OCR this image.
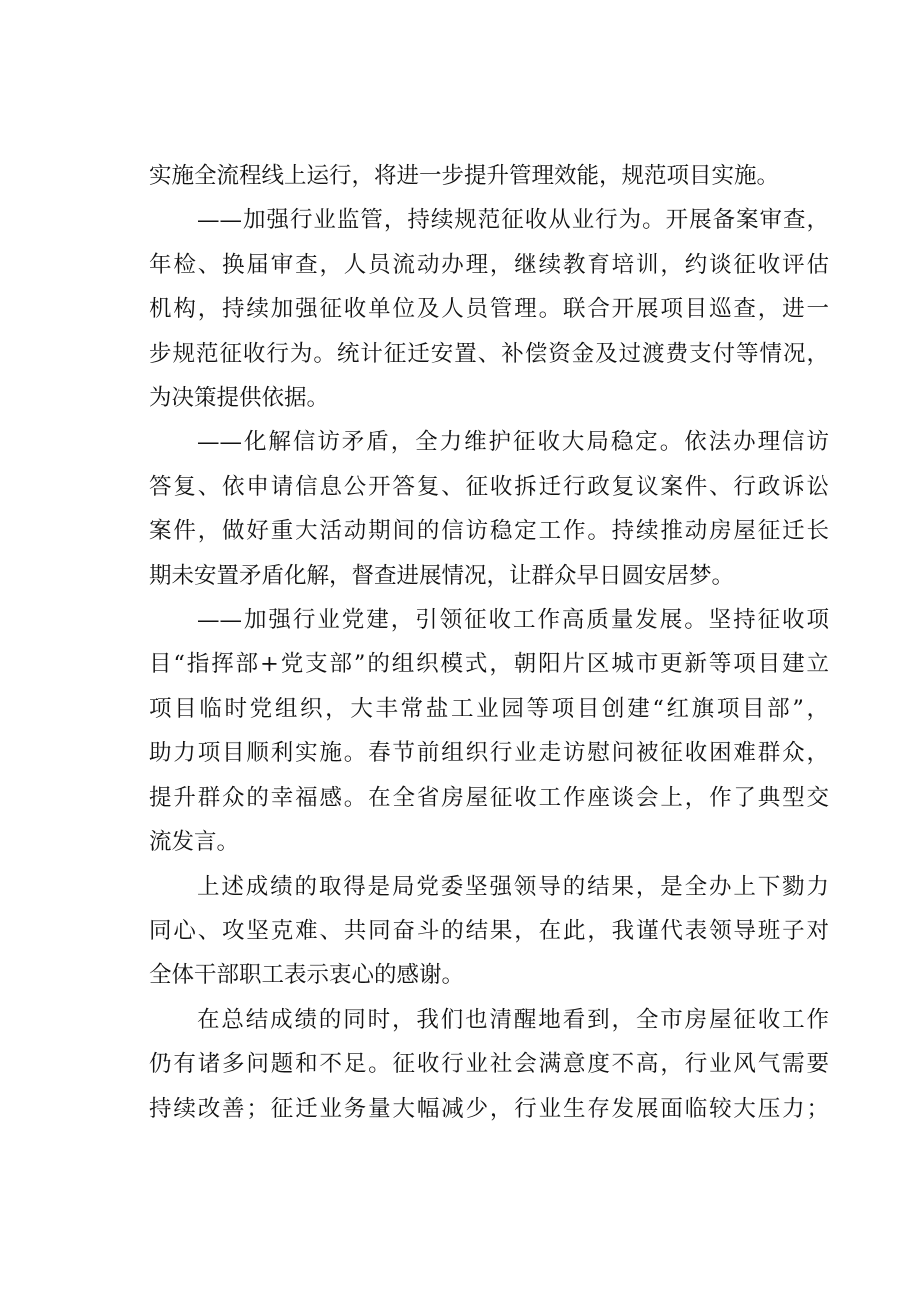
实施全流程线上运行，将进一步提升管理效能，规范项目实施。
——加强行业监管，持续规范征收从业行为。开展备案审查，
年检、换届审查，人员流动办理，继续教育培训，约谈征收评估
机构，持续加强征收单位及人员管理。联合开展项目巡查，进一
步规范征收行为。统计征迁安置、补偿资金及过渡费支付等情况，
为决策提供依据。
——化解信访矛盾，全力维护征收大局稳定。依法办理信访
答复、依申请信息公开答复、征收拆迁行政复议案件、行政诉讼
案件，做好重大活动期间的信访稳定工作。持续推动房屋征迁长
期未安置矛盾化解，督查进展情况，让群众早日圆安居梦。
——加强行业党建，引领征收工作高质量发展。坚持征收项
目“指挥部+党支部”的组织模式，朝阳片区城市更新等项目建立
项目临时党组织，大丰常盐工业园等项目创建“红旗项目部”，
助力项目顺利实施。春节前组织行业走访慰问被征收困难群众，
提升群众的幸福感。在全省房屋征收工作座谈会上，作了典型交
流发言。
上述成绩的取得是局党委坚强领导的结果，是全办上下勠力
同心、攻坚克难、共同奋斗的结果，在此，我谨代表领导班子对
全体干部职工表示衷心的感谢。
在总结成绩的同时，我们也清醒地看到，全市房屋征收工作
仍有诸多问题和不足。征收行业社会满意度不高，行业风气需要
持续改善；征迁业务量大幅减少，行业生存发展面临较大压力；
